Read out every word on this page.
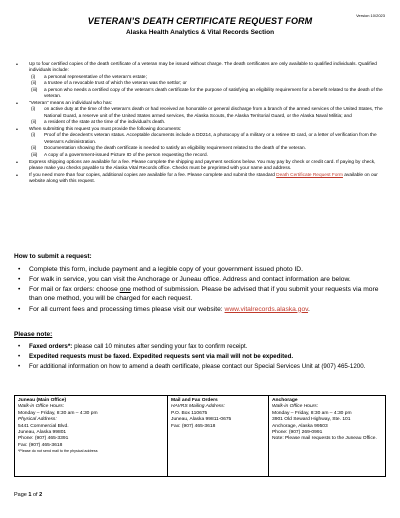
Version 10/2023
VETERAN’S DEATH CERTIFICATE REQUEST FORM
Alaska Health Analytics & Vital Records Section
• Up to four certified copies of the death certificate of a veteran may be issued without charge. The death certificates are only available to qualified individuals. Qualified individuals include:
(i) a personal representative of the veteran’s estate;
(ii) a trustee of a revocable trust of which the veteran was the settlor; or
(iii) a person who needs a certified copy of the veteran’s death certificate for the purpose of satisfying an eligibility requirement for a benefit related to the death of the veteran.
• “Veteran” means an individual who has:
(i) on active duty at the time of the veteran’s death or had received an honorable or general discharge from a branch of the armed services of the United States, The National Guard, a reserve unit of the United States armed services, the Alaska Scouts, the Alaska Territorial Guard, or the Alaska Naval Militia; and
(ii) a resident of the state at the time of the individual’s death.
• When submitting this request you must provide the following documents:
(i) Proof of the decedent’s veteran status. Acceptable documents include a DD214, a photocopy of a military or a retiree ID card, or a letter of verification from the Veteran’s Administration.
(ii) Documentation showing the death certificate is needed to satisfy an eligibility requirement related to the death of the veteran.
(iii) A copy of a government-issued Picture ID of the person requesting the record.
• Express shipping options are available for a fee. Please complete the shipping and payment sections below. You may pay by check or credit card. If paying by check, please make you checks payable to the Alaska Vital Records office. Checks must be preprinted with your name and address.
• If you need more than four copies, additional copies are available for a fee. Please complete and submit the standard Death Certificate Request Form available on our website along with this request.
How to submit a request:
• Complete this form, include payment and a legible copy of your government issued photo ID.
• For walk in service, you can visit the Anchorage or Juneau office. Address and contact information are below.
• For mail or fax orders: choose one method of submission. Please be advised that if you submit your requests via more than one method, you will be charged for each request.
• For all current fees and processing times please visit our website: www.vitalrecords.alaska.gov.
Please note:
• Faxed orders*: please call 10 minutes after sending your fax to confirm receipt.
• Expedited requests must be faxed. Expedited requests sent via mail will not be expedited.
• For additional information on how to amend a death certificate, please contact our Special Services Unit at (907) 465-1200.
Juneau (Main Office)
Walk-in Office Hours:
Monday – Friday, 8:30 am – 4:30 pm
Physical Address:
5441 Commercial Blvd.
Juneau, Alaska 99801
Phone: (907) 465-3391
Fax: (907) 465-3618
*Please do not send mail to the physical address
Mail and Fax Orders
HAVRS Mailing Address:
P.O. Box 110675
Juneau, Alaska 99811-0675
Fax: (907) 465-3618
Anchorage
Walk-in Office Hours:
Monday – Friday, 8:30 am – 4:30 pm
3901 Old Seward Highway, Ste. 101
Anchorage, Alaska 99503
Phone: (907) 269-0991
Note: Please mail requests to the Juneau Office.
Page 1 of 2
